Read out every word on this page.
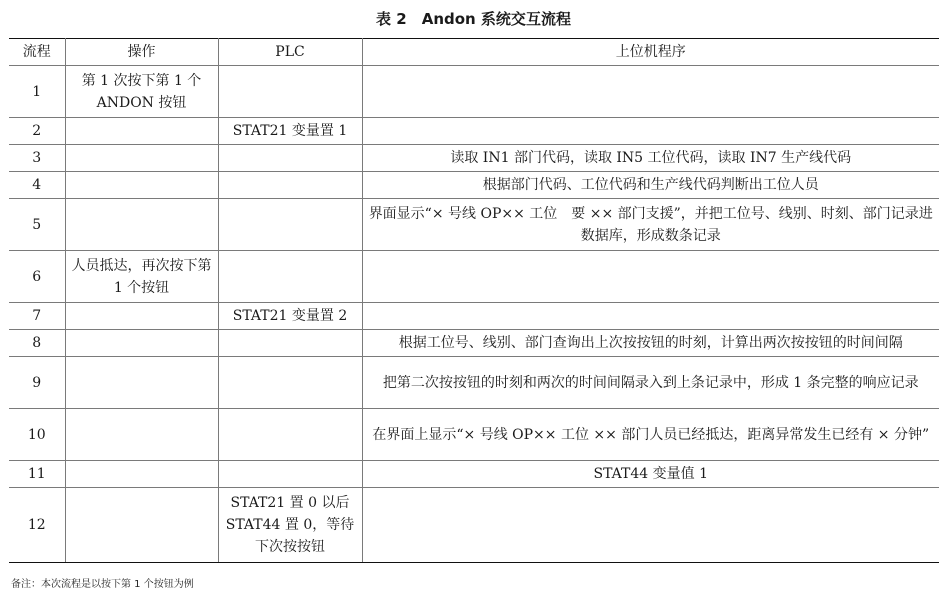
表 2　Andon 系统交互流程
流程	操作	PLC	上位机程序
1	第 1 次按下第 1 个 ANDON 按钮		
2		STAT21 变量置 1	
3			读取 IN1 部门代码，读取 IN5 工位代码，读取 IN7 生产线代码
4			根据部门代码、工位代码和生产线代码判断出工位人员
5			界面显示“× 号线 OP×× 工位　要 ×× 部门支援”，并把工位号、线别、时刻、部门记录进数据库，形成数条记录
6	人员抵达，再次按下第 1 个按钮		
7		STAT21 变量置 2	
8			根据工位号、线别、部门查询出上次按按钮的时刻，计算出两次按按钮的时间间隔
9			把第二次按按钮的时刻和两次的时间间隔录入到上条记录中，形成 1 条完整的响应记录
10			在界面上显示“× 号线 OP×× 工位 ×× 部门人员已经抵达，距离异常发生已经有 × 分钟”
11			STAT44 变量值 1
12		STAT21 置 0 以后 STAT44 置 0，等待下次按按钮	
备注：本次流程是以按下第 1 个按钮为例
